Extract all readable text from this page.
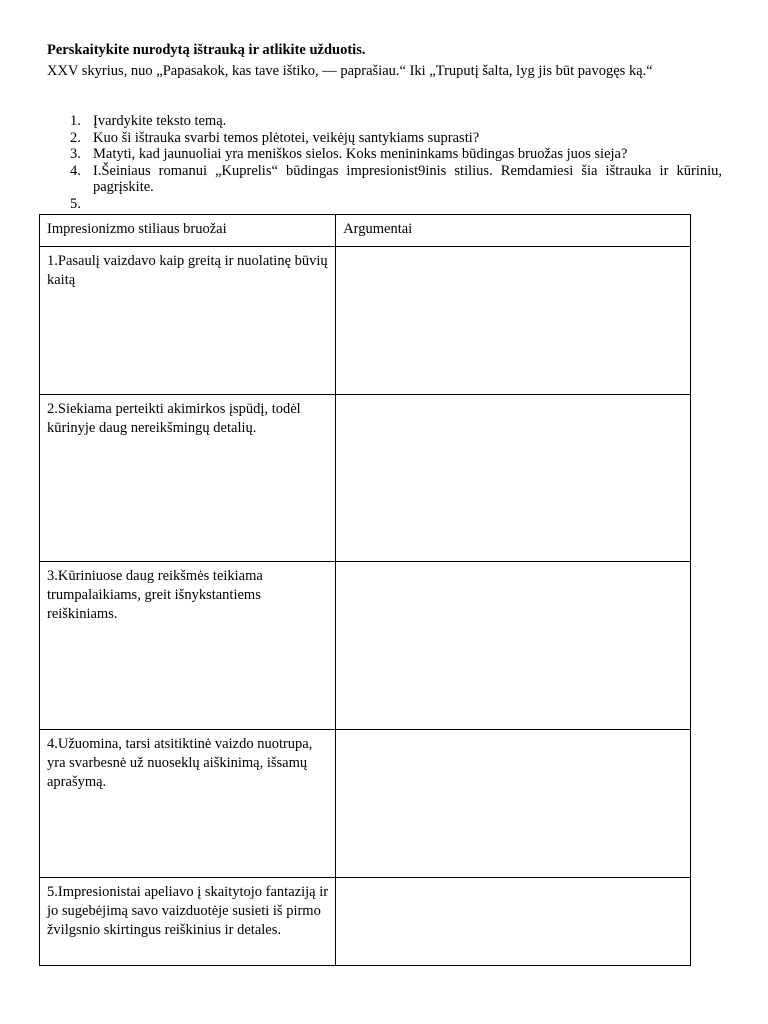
Perskaitykite nurodytą ištrauką ir atlikite užduotis.
XXV skyrius, nuo „Papasakok, kas tave ištiko, — paprašiau.“ Iki „Truputį šalta, lyg jis būt pavogęs ką.“
1. Įvardykite teksto temą.
2. Kuo ši ištrauka svarbi temos plėtotei, veikėjų santykiams suprasti?
3. Matyti, kad jaunuoliai yra meniškos sielos. Koks menininkams būdingas bruožas juos sieja?
4. I.Šeiniaus romanui „Kuprelis“ būdingas impresionist9inis stilius. Remdamiesi šia ištrauka ir kūriniu, pagrįskite.
5.
Impresionizmo stiliaus bruožai	Argumentai
1.Pasaulį vaizdavo kaip greitą ir nuolatinę būvių kaitą	
2.Siekiama perteikti akimirkos įspūdį, todėl kūrinyje daug nereikšmingų detalių.	
3.Kūriniuose daug reikšmės teikiama trumpalaikiams, greit išnykstantiems reiškiniams.	
4.Užuomina, tarsi atsitiktinė vaizdo nuotrupa, yra svarbesnė už nuoseklų aiškinimą, išsamų aprašymą.	
5.Impresionistai apeliavo į skaitytojo fantaziją ir jo sugebėjimą savo vaizduotėje susieti iš pirmo žvilgsnio skirtingus reiškinius ir detales.	
